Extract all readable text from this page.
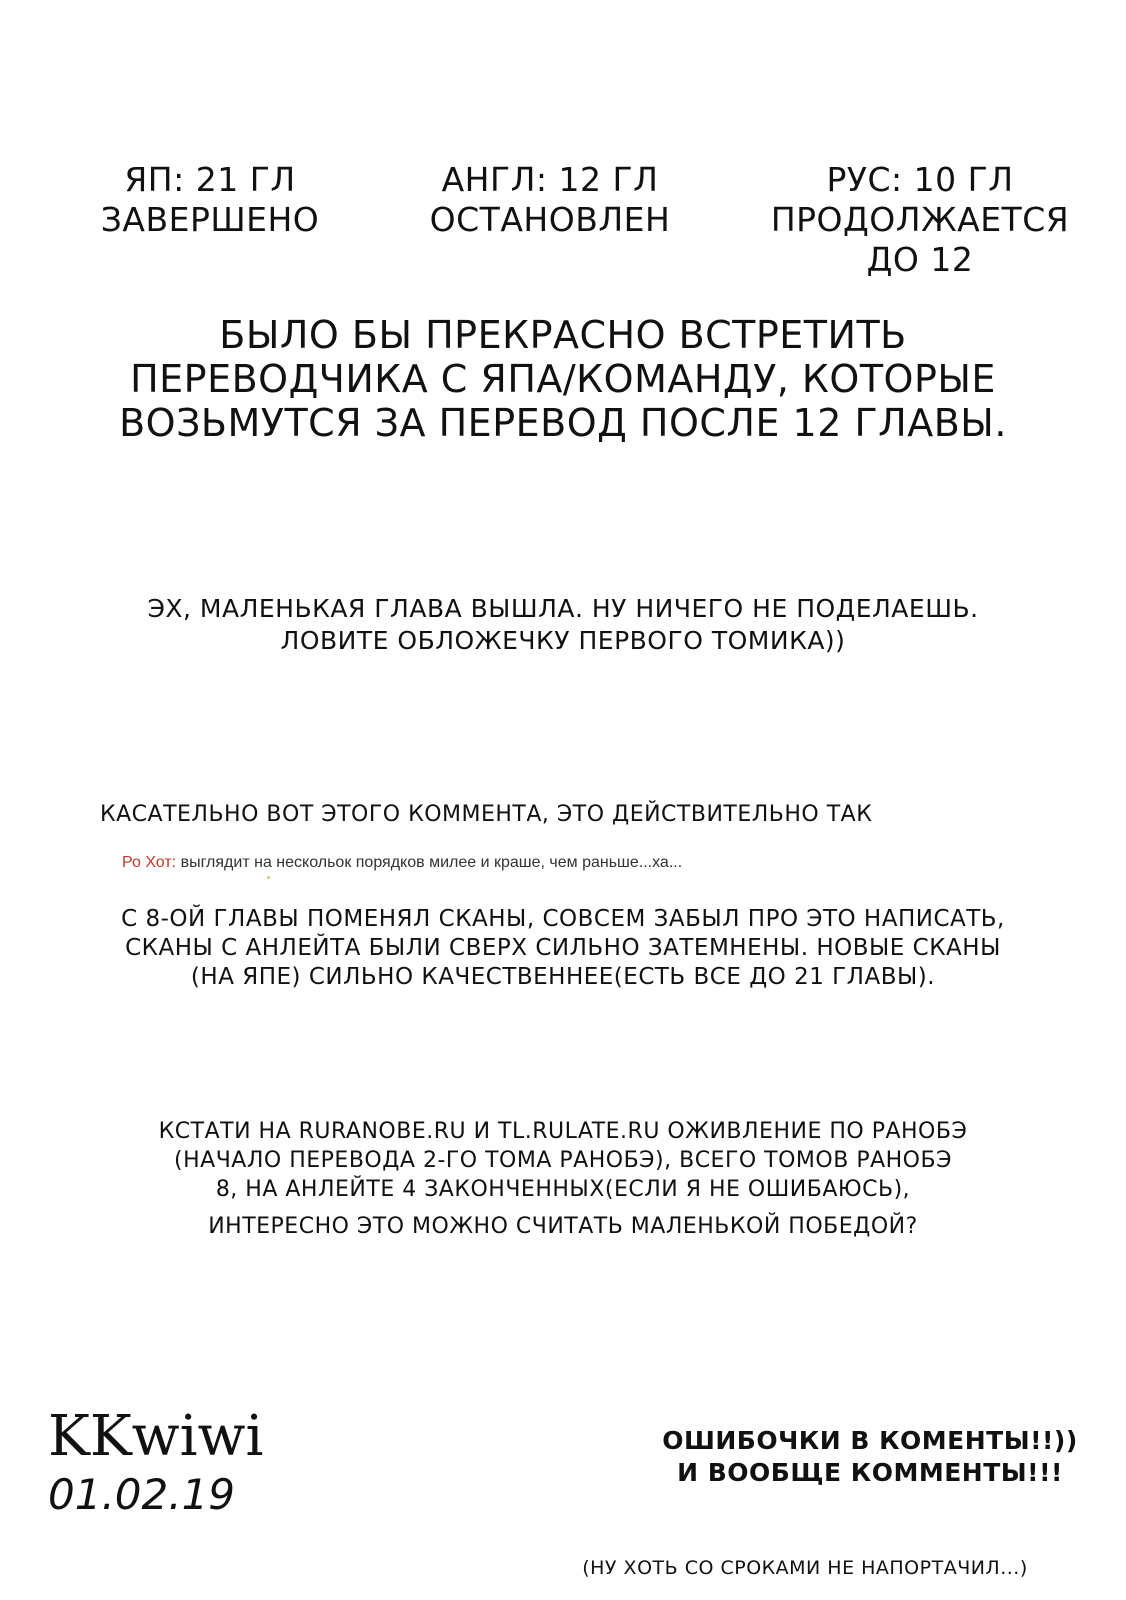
ЯП: 21 ГЛ
ЗАВЕРШЕНО
АНГЛ: 12 ГЛ
ОСТАНОВЛЕН
РУС: 10 ГЛ
ПРОДОЛЖАЕТСЯ
ДО 12
БЫЛО БЫ ПРЕКРАСНО ВСТРЕТИТЬ
ПЕРЕВОДЧИКА С ЯПА/КОМАНДУ, КОТОРЫЕ
ВОЗЬМУТСЯ ЗА ПЕРЕВОД ПОСЛЕ 12 ГЛАВЫ.
ЭХ, МАЛЕНЬКАЯ ГЛАВА ВЫШЛА. НУ НИЧЕГО НЕ ПОДЕЛАЕШЬ.
ЛОВИТЕ ОБЛОЖЕЧКУ ПЕРВОГО ТОМИКА))
КАСАТЕЛЬНО ВОТ ЭТОГО КОММЕНТА, ЭТО ДЕЙСТВИТЕЛЬНО ТАК
Ро Хот: выглядит на нескольок порядков милее и краше, чем раньше...ха...
С 8-ОЙ ГЛАВЫ ПОМЕНЯЛ СКАНЫ, СОВСЕМ ЗАБЫЛ ПРО ЭТО НАПИСАТЬ,
СКАНЫ С АНЛЕЙТА БЫЛИ СВЕРХ СИЛЬНО ЗАТЕМНЕНЫ. НОВЫЕ СКАНЫ
(НА ЯПЕ) СИЛЬНО КАЧЕСТВЕННЕЕ(ЕСТЬ ВСЕ ДО 21 ГЛАВЫ).
КСТАТИ НА RURANOBE.RU И TL.RULATE.RU ОЖИВЛЕНИЕ ПО РАНОБЭ
(НАЧАЛО ПЕРЕВОДА 2-ГО ТОМА РАНОБЭ), ВСЕГО ТОМОВ РАНОБЭ
8, НА АНЛЕЙТЕ 4 ЗАКОНЧЕННЫХ(ЕСЛИ Я НЕ ОШИБАЮСЬ),
ИНТЕРЕСНО ЭТО МОЖНО СЧИТАТЬ МАЛЕНЬКОЙ ПОБЕДОЙ?
KKwiwi
01.02.19
ОШИБОЧКИ В КОМЕНТЫ!!))
И ВООБЩЕ КОММЕНТЫ!!!
(НУ ХОТЬ СО СРОКАМИ НЕ НАПОРТАЧИЛ...)
